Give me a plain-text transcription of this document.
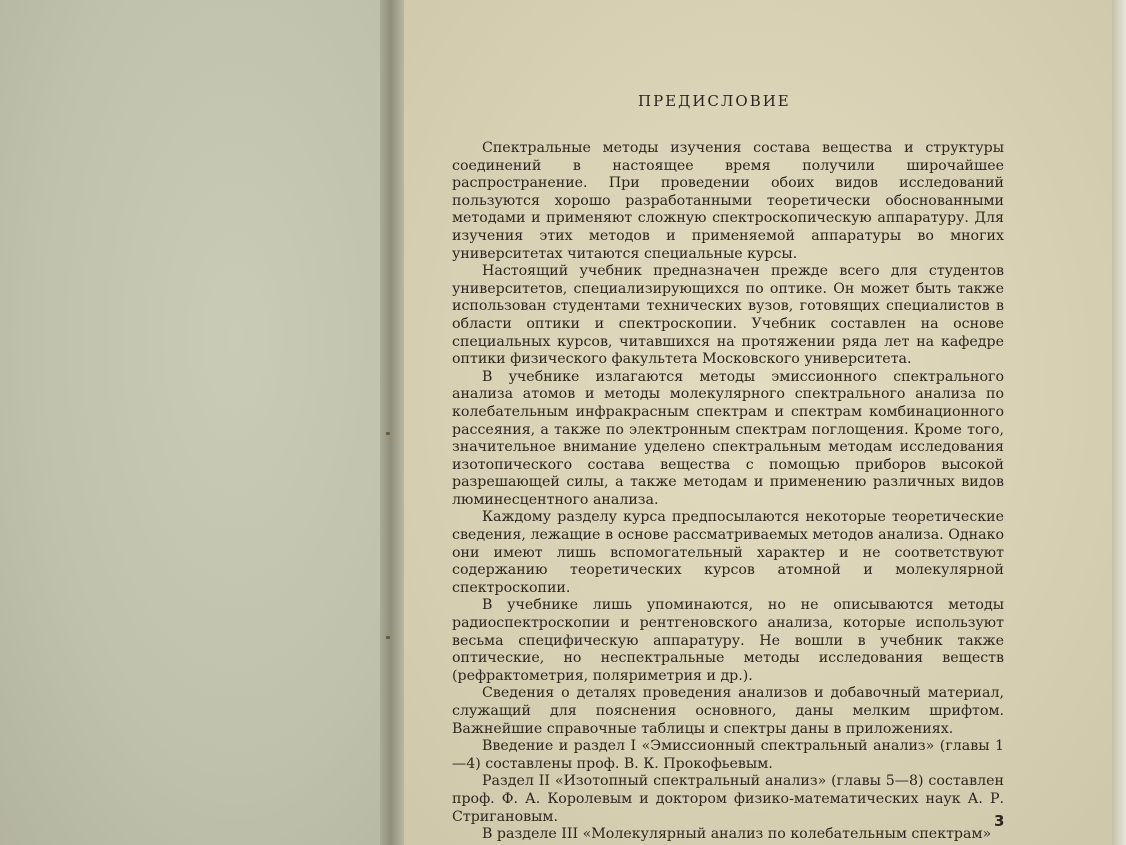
ПРЕДИСЛОВИЕ

Спектральные методы изучения состава вещества и структуры соединений в настоящее время получили широчайшее распространение. При проведении обоих видов исследований пользуются хорошо разработанными теоретически обоснованными методами и применяют сложную спектроскопическую аппаратуру. Для изучения этих методов и применяемой аппаратуры во многих университетах читаются специальные курсы.

Настоящий учебник предназначен прежде всего для студентов университетов, специализирующихся по оптике. Он может быть также использован студентами технических вузов, готовящих специалистов в области оптики и спектроскопии. Учебник составлен на основе специальных курсов, читавшихся на протяжении ряда лет на кафедре оптики физического факультета Московского университета.

В учебнике излагаются методы эмиссионного спектрального анализа атомов и методы молекулярного спектрального анализа по колебательным инфракрасным спектрам и спектрам комбинационного рассеяния, а также по электронным спектрам поглощения. Кроме того, значительное внимание уделено спектральным методам исследования изотопического состава вещества с помощью приборов высокой разрешающей силы, а также методам и применению различных видов люминесцентного анализа.

Каждому разделу курса предпосылаются некоторые теоретические сведения, лежащие в основе рассматриваемых методов анализа. Однако они имеют лишь вспомогательный характер и не соответствуют содержанию теоретических курсов атомной и молекулярной спектроскопии.

В учебнике лишь упоминаются, но не описываются методы радиоспектроскопии и рентгеновского анализа, которые используют весьма специфическую аппаратуру. Не вошли в учебник также оптические, но неспектральные методы исследования веществ (рефрактометрия, поляриметрия и др.).

Сведения о деталях проведения анализов и добавочный материал, служащий для пояснения основного, даны мелким шрифтом. Важнейшие справочные таблицы и спектры даны в приложениях.

Введение и раздел I «Эмиссионный спектральный анализ» (главы 1—4) составлены проф. В. К. Прокофьевым.

Раздел II «Изотопный спектральный анализ» (главы 5—8) составлен проф. Ф. А. Королевым и доктором физико-математических наук А. Р. Стригановым.

В разделе III «Молекулярный анализ по колебательным спектрам»

3
